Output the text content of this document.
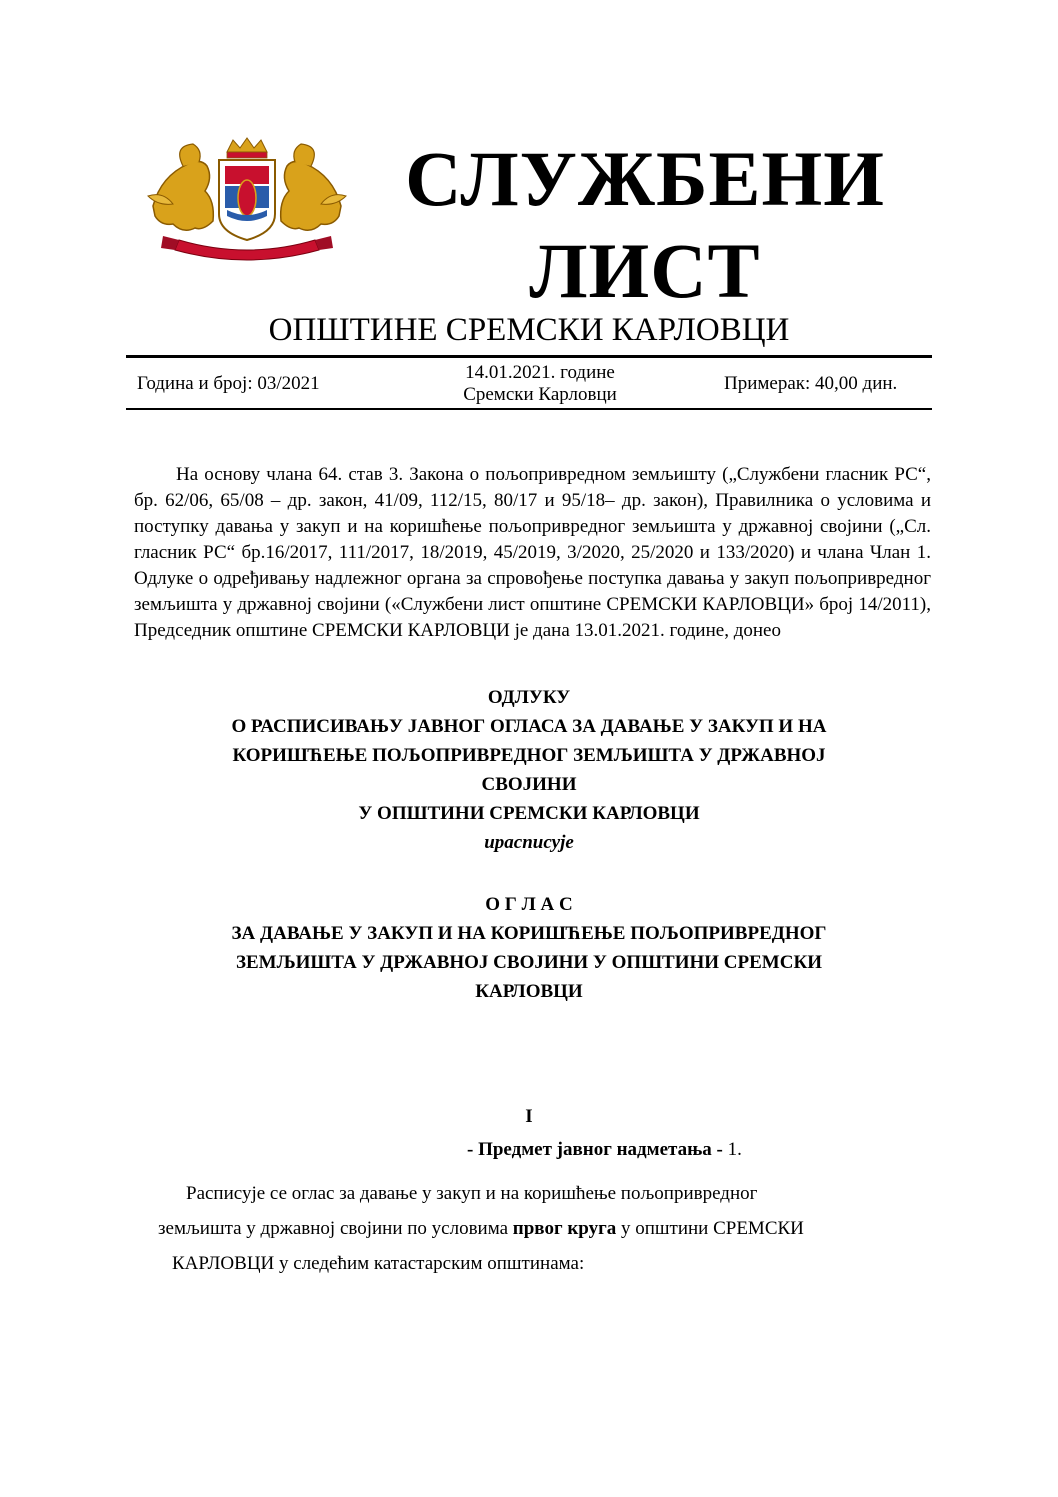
СЛУЖБЕНИ
ЛИСТ
ОПШТИНЕ СРЕМСКИ КАРЛОВЦИ
Година и број: 03/2021
14.01.2021. године
Сремски Карловци
Примерак: 40,00 дин.

На основу члана 64. став 3. Закона о пољопривредном земљишту („Службени гласник РС“, бр. 62/06, 65/08 – др. закон, 41/09, 112/15, 80/17 и 95/18– др. закон), Правилника о условима и поступку давања у закуп и на коришћење пољопривредног земљишта у државној својини („Сл. гласник РС“ бр.16/2017, 111/2017, 18/2019, 45/2019, 3/2020, 25/2020 и 133/2020) и члана Члан 1. Одлуке о одређивању надлежног органа за спровођење поступка давања у закуп пољопривредног земљишта у државној својини («Службени лист општине СРЕМСКИ КАРЛОВЦИ» број 14/2011), Председник општине СРЕМСКИ КАРЛОВЦИ је дана 13.01.2021. године, донео

ОДЛУКУ
О РАСПИСИВАЊУ ЈАВНОГ ОГЛАСА ЗА ДАВАЊЕ У ЗАКУП И НА
КОРИШЋЕЊЕ ПОЉОПРИВРЕДНОГ ЗЕМЉИШТА У ДРЖАВНОЈ
СВОЈИНИ
У ОПШТИНИ СРЕМСКИ КАРЛОВЦИ
ирасписује
О Г Л А С
ЗА ДАВАЊЕ У ЗАКУП И НА КОРИШЋЕЊЕ ПОЉОПРИВРЕДНОГ
ЗЕМЉИШТА У ДРЖАВНОЈ СВОЈИНИ У ОПШТИНИ СРЕМСКИ
КАРЛОВЦИ
I
- Предмет јавног надметања - 1.
Расписује се оглас за давање у закуп и на коришћење пољопривредног
земљишта у државној својини по условима првог круга у општини СРЕМСКИ
КАРЛОВЦИ у следећим катастарским општинама:
